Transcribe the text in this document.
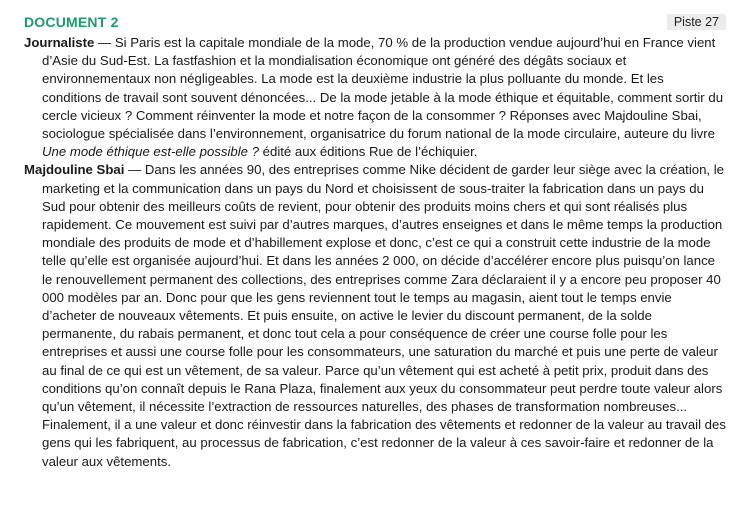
DOCUMENT 2	Piste 27

Journaliste — Si Paris est la capitale mondiale de la mode, 70 % de la production vendue aujourd’hui en France vient d’Asie du Sud-Est. La fastfashion et la mondialisation économique ont généré des dégâts sociaux et environnementaux non négligeables. La mode est la deuxième industrie la plus polluante du monde. Et les conditions de travail sont souvent dénoncées... De la mode jetable à la mode éthique et équitable, comment sortir du cercle vicieux ? Comment réinventer la mode et notre façon de la consommer ? Réponses avec Majdouline Sbai, sociologue spécialisée dans l’environnement, organisatrice du forum national de la mode circulaire, auteure du livre Une mode éthique est-elle possible ? édité aux éditions Rue de l’échiquier.

Majdouline Sbai — Dans les années 90, des entreprises comme Nike décident de garder leur siège avec la création, le marketing et la communication dans un pays du Nord et choisissent de sous-traiter la fabrication dans un pays du Sud pour obtenir des meilleurs coûts de revient, pour obtenir des produits moins chers et qui sont réalisés plus rapidement. Ce mouvement est suivi par d’autres marques, d’autres enseignes et dans le même temps la production mondiale des produits de mode et d’habillement explose et donc, c’est ce qui a construit cette industrie de la mode telle qu’elle est organisée aujourd’hui. Et dans les années 2 000, on décide d’accélérer encore plus puisqu’on lance le renouvellement permanent des collections, des entreprises comme Zara déclaraient il y a encore peu proposer 40 000 modèles par an. Donc pour que les gens reviennent tout le temps au magasin, aient tout le temps envie d’acheter de nouveaux vêtements. Et puis ensuite, on active le levier du discount permanent, de la solde permanente, du rabais permanent, et donc tout cela a pour conséquence de créer une course folle pour les entreprises et aussi une course folle pour les consommateurs, une saturation du marché et puis une perte de valeur au final de ce qui est un vêtement, de sa valeur. Parce qu’un vêtement qui est acheté à petit prix, produit dans des conditions qu’on connaît depuis le Rana Plaza, finalement aux yeux du consommateur peut perdre toute valeur alors qu’un vêtement, il nécessite l’extraction de ressources naturelles, des phases de transformation nombreuses... Finalement, il a une valeur et donc réinvestir dans la fabrication des vêtements et redonner de la valeur au travail des gens qui les fabriquent, au processus de fabrication, c’est redonner de la valeur à ces savoir-faire et redonner de la valeur aux vêtements.
